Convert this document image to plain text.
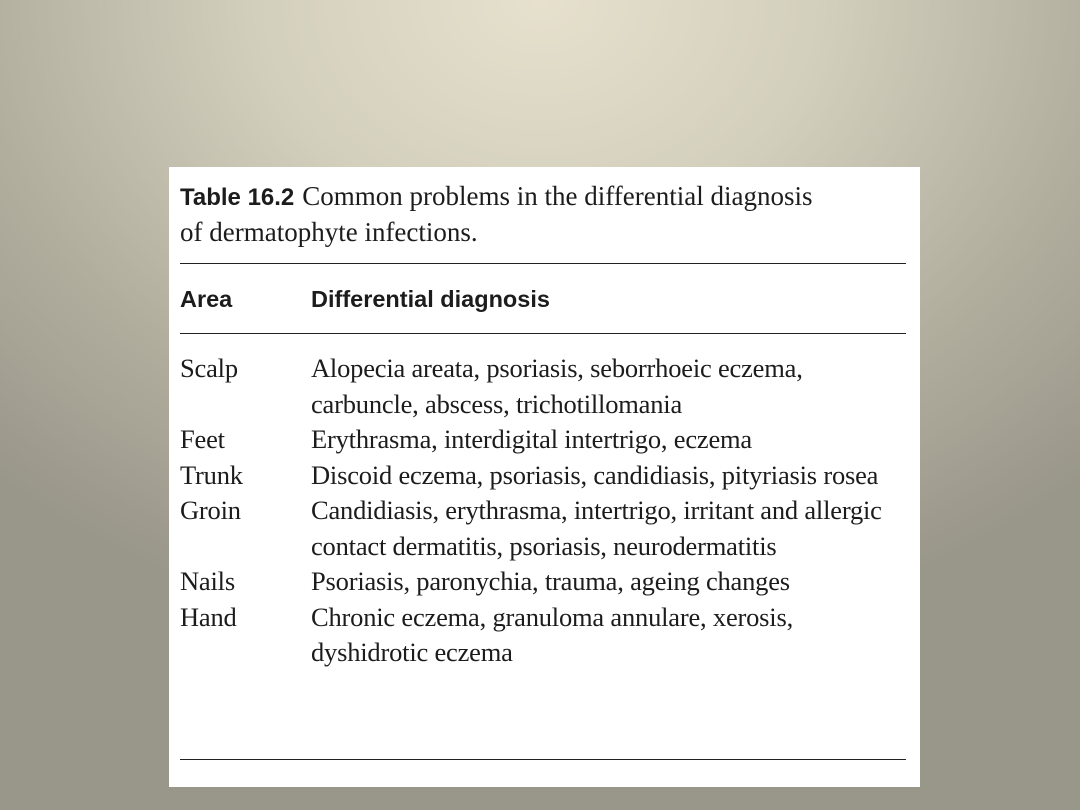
Table 16.2 Common problems in the differential diagnosis of dermatophyte infections.

Area	Differential diagnosis
Scalp	Alopecia areata, psoriasis, seborrhoeic eczema, carbuncle, abscess, trichotillomania
Feet	Erythrasma, interdigital intertrigo, eczema
Trunk	Discoid eczema, psoriasis, candidiasis, pityriasis rosea
Groin	Candidiasis, erythrasma, intertrigo, irritant and allergic contact dermatitis, psoriasis, neurodermatitis
Nails	Psoriasis, paronychia, trauma, ageing changes
Hand	Chronic eczema, granuloma annulare, xerosis, dyshidrotic eczema
